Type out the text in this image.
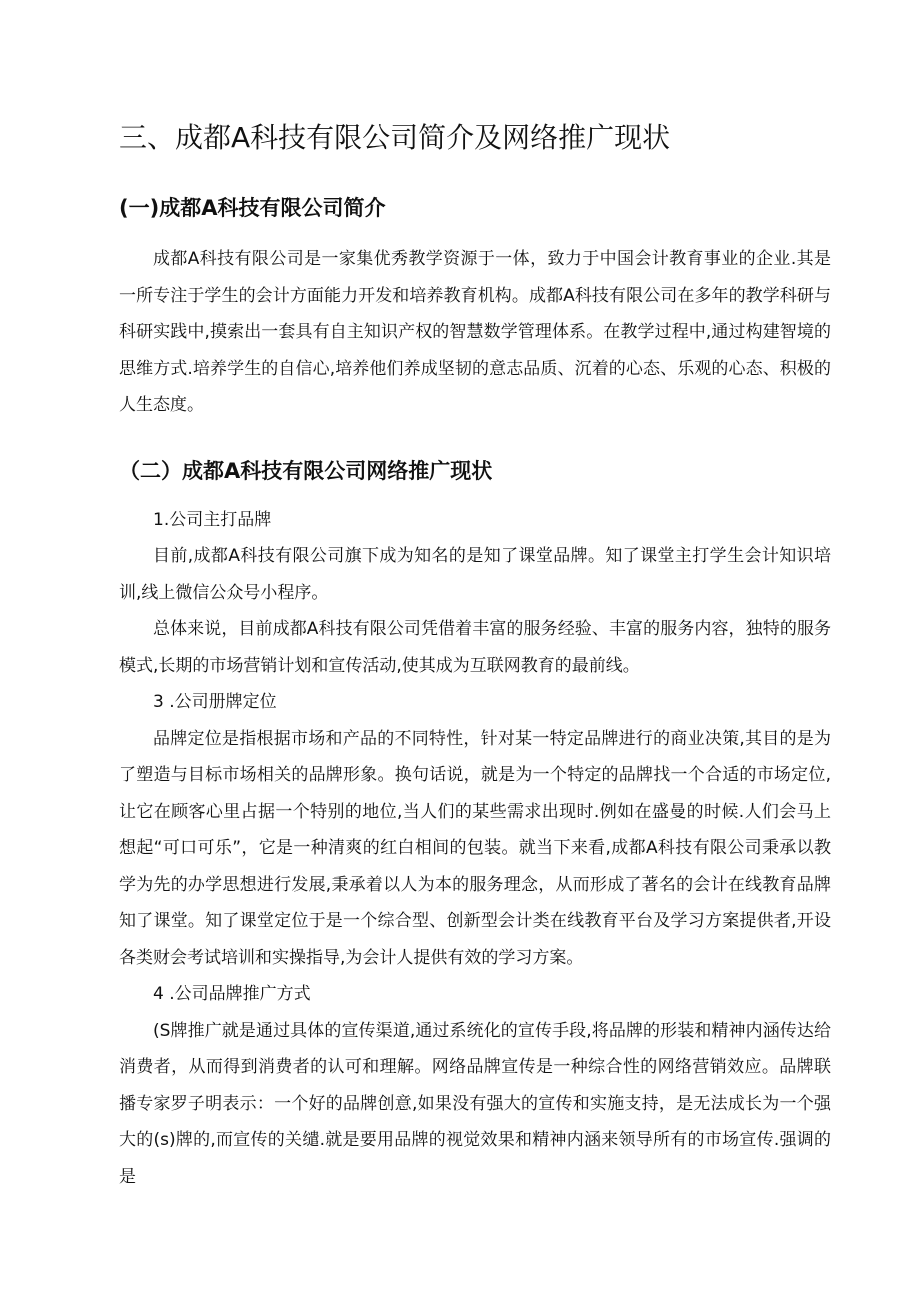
三、成都A科技有限公司简介及网络推广现状
(一)成都A科技有限公司简介

成都A科技有限公司是一家集优秀教学资源于一体，致力于中国会计教育事业的企业.其是一所专注于学生的会计方面能力开发和培养教育机构。成都A科技有限公司在多年的教学科研与科研实践中,摸索出一套具有自主知识产权的智慧数学管理体系。在教学过程中,通过构建智境的思维方式.培养学生的自信心,培养他们养成坚韧的意志品质、沉着的心态、乐观的心态、积极的人生态度。

（二）成都A科技有限公司网络推广现状

1.公司主打品牌

目前,成都A科技有限公司旗下成为知名的是知了课堂品牌。知了课堂主打学生会计知识培训,线上微信公众号小程序。

总体来说，目前成都A科技有限公司凭借着丰富的服务经验、丰富的服务内容，独特的服务模式,长期的市场营销计划和宣传活动,使其成为互联网教育的最前线。

3 .公司册牌定位

品牌定位是指根据市场和产品的不同特性，针对某一特定品牌进行的商业决策,其目的是为了塑造与目标市场相关的品牌形象。换句话说，就是为一个特定的品牌找一个合适的市场定位,让它在顾客心里占据一个特别的地位,当人们的某些需求出现时.例如在盛曼的时候.人们会马上想起“可口可乐”，它是一种清爽的红白相间的包装。就当下来看,成都A科技有限公司秉承以教学为先的办学思想进行发展,秉承着以人为本的服务理念，从而形成了著名的会计在线教育品牌知了课堂。知了课堂定位于是一个综合型、创新型会计类在线教育平台及学习方案提供者,开设各类财会考试培训和实操指导,为会计人提供有效的学习方案。

4 .公司品牌推广方式

(S牌推广就是通过具体的宣传渠道,通过系统化的宣传手段,将品牌的形装和精神内涵传达给消费者，从而得到消费者的认可和理解。网络品牌宣传是一种综合性的网络营销效应。品牌联播专家罗子明表示：一个好的品牌创意,如果没有强大的宣传和实施支持，是无法成长为一个强大的(s)牌的,而宣传的关缱.就是要用品牌的视觉效果和精神内涵来领导所有的市场宣传.强调的是
